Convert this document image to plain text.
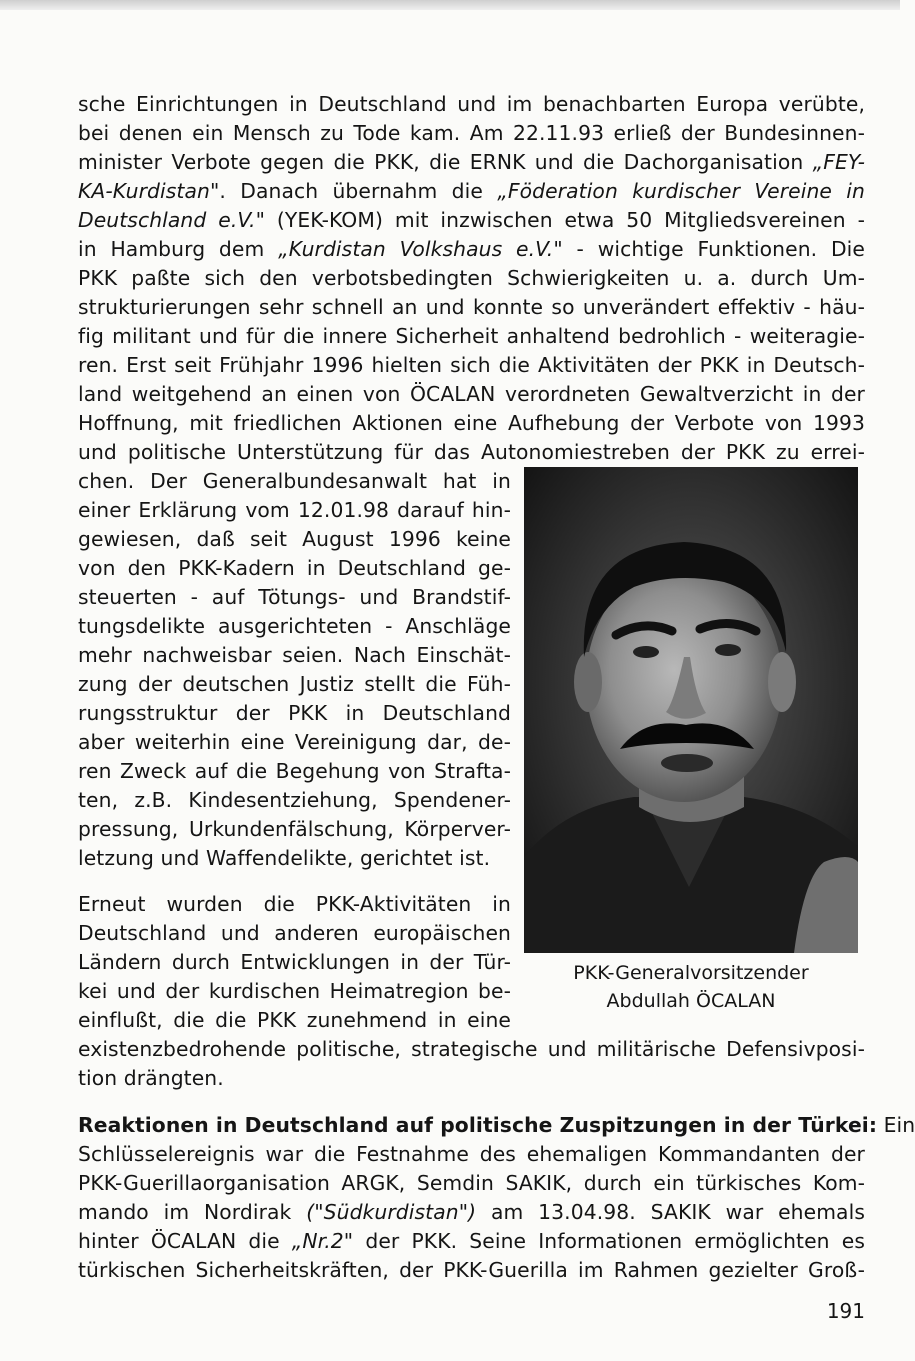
sche Einrichtungen in Deutschland und im benachbarten Europa verübte,
bei denen ein Mensch zu Tode kam. Am 22.11.93 erließ der Bundesinnen-
minister Verbote gegen die PKK, die ERNK und die Dachorganisation „FEY-
KA-Kurdistan". Danach übernahm die „Föderation kurdischer Vereine in
Deutschland e.V." (YEK-KOM) mit inzwischen etwa 50 Mitgliedsvereinen -
in Hamburg dem „Kurdistan Volkshaus e.V." - wichtige Funktionen. Die
PKK paßte sich den verbotsbedingten Schwierigkeiten u. a. durch Um-
strukturierungen sehr schnell an und konnte so unverändert effektiv - häu-
fig militant und für die innere Sicherheit anhaltend bedrohlich - weiteragie-
ren. Erst seit Frühjahr 1996 hielten sich die Aktivitäten der PKK in Deutsch-
land weitgehend an einen von ÖCALAN verordneten Gewaltverzicht in der
Hoffnung, mit friedlichen Aktionen eine Aufhebung der Verbote von 1993
und politische Unterstützung für das Autonomiestreben der PKK zu errei-
chen. Der Generalbundesanwalt hat in
einer Erklärung vom 12.01.98 darauf hin-
gewiesen, daß seit August 1996 keine
von den PKK-Kadern in Deutschland ge-
steuerten - auf Tötungs- und Brandstif-
tungsdelikte ausgerichteten - Anschläge
mehr nachweisbar seien. Nach Einschät-
zung der deutschen Justiz stellt die Füh-
rungsstruktur der PKK in Deutschland
aber weiterhin eine Vereinigung dar, de-
ren Zweck auf die Begehung von Strafta-
ten, z.B. Kindesentziehung, Spendener-
pressung, Urkundenfälschung, Körperver-
letzung und Waffendelikte, gerichtet ist.
Erneut wurden die PKK-Aktivitäten in
Deutschland und anderen europäischen
Ländern durch Entwicklungen in der Tür-
kei und der kurdischen Heimatregion be-
einflußt, die die PKK zunehmend in eine
existenzbedrohende politische, strategische und militärische Defensivposi-
tion drängten.
Reaktionen in Deutschland auf politische Zuspitzungen in der Türkei: Ein
Schlüsselereignis war die Festnahme des ehemaligen Kommandanten der
PKK-Guerillaorganisation ARGK, Semdin SAKIK, durch ein türkisches Kom-
mando im Nordirak ("Südkurdistan") am 13.04.98. SAKIK war ehemals
hinter ÖCALAN die „Nr.2" der PKK. Seine Informationen ermöglichten es
türkischen Sicherheitskräften, der PKK-Guerilla im Rahmen gezielter Groß-
PKK-Generalvorsitzender
Abdullah ÖCALAN
191
